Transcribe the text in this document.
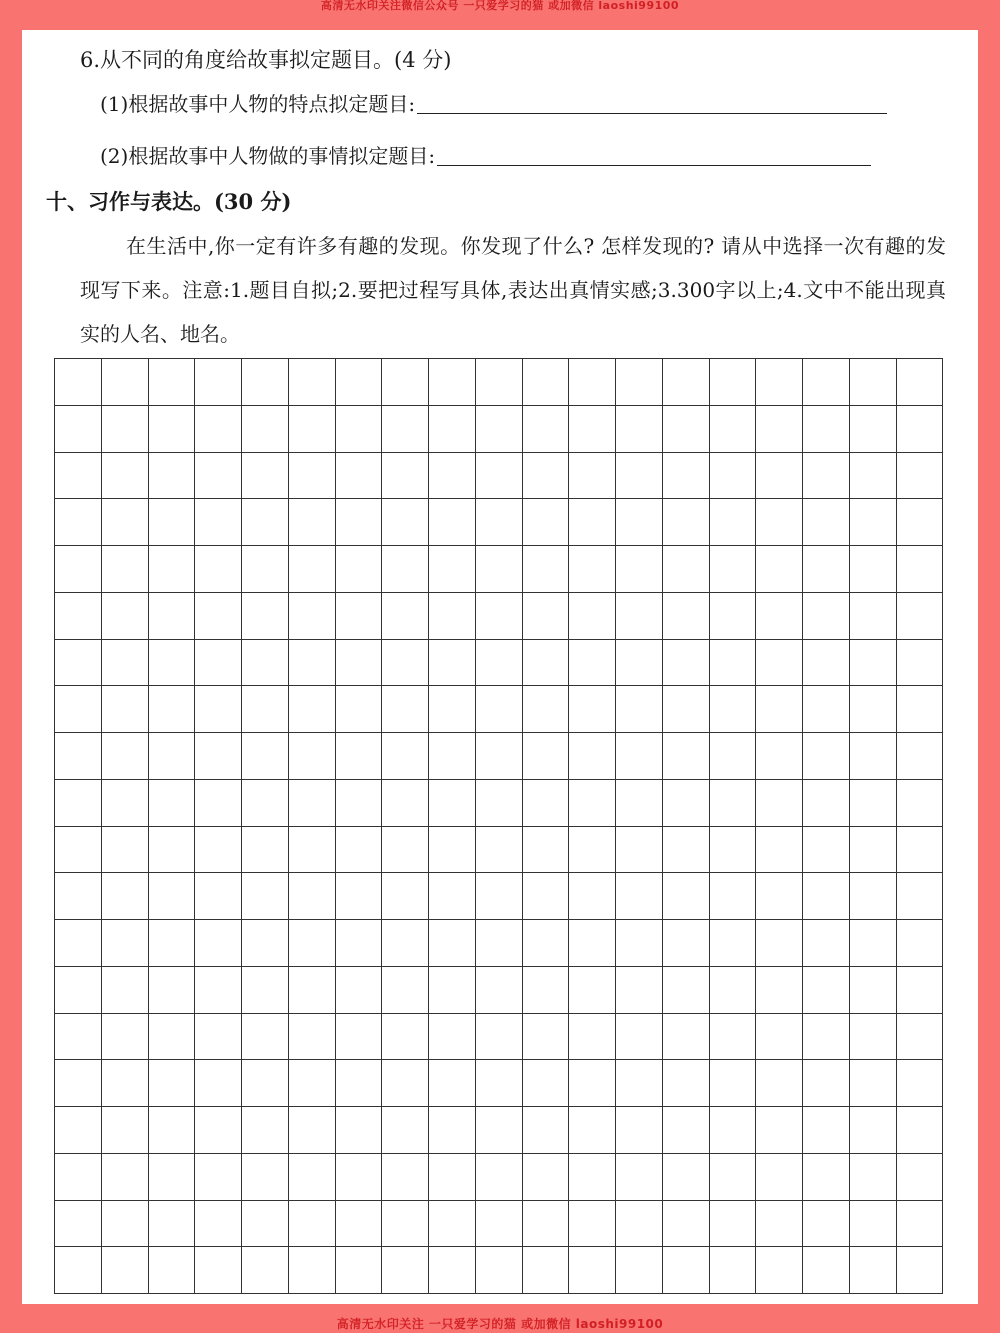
高清无水印关注微信公众号 一只爱学习的猫 或加微信 laoshi99100
6.从不同的角度给故事拟定题目。(4 分)
(1)根据故事中人物的特点拟定题目:
(2)根据故事中人物做的事情拟定题目:
十、习作与表达。(30 分)
在生活中,你一定有许多有趣的发现。你发现了什么? 怎样发现的? 请从中选择一次有趣的发现写下来。注意:1.题目自拟;2.要把过程写具体,表达出真情实感;3.300字以上;4.文中不能出现真实的人名、地名。
高清无水印关注 一只爱学习的猫 或加微信 laoshi99100
